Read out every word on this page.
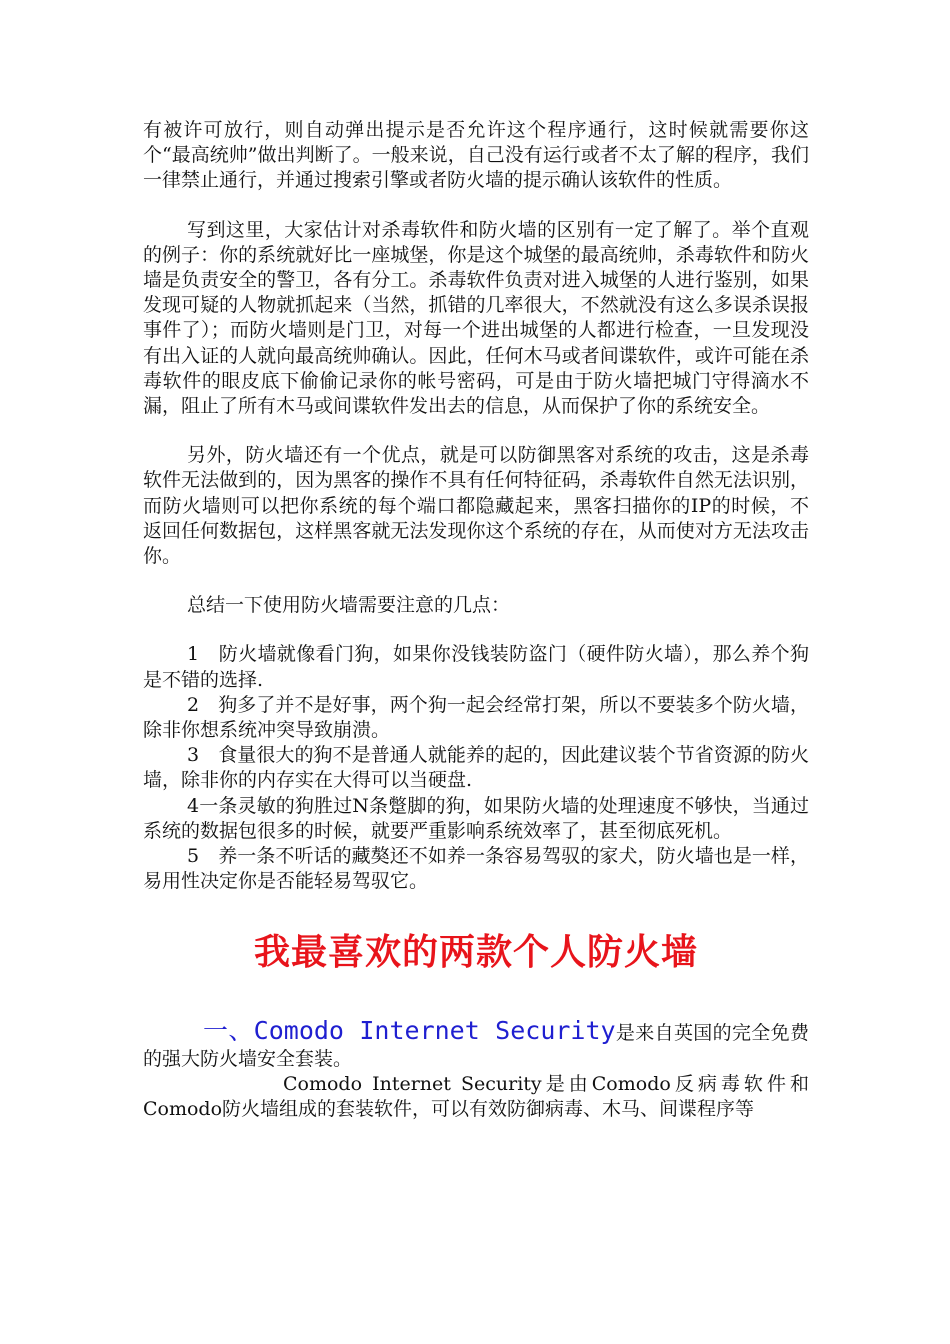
有被许可放行，则自动弹出提示是否允许这个程序通行，这时候就需要你这个“最高统帅”做出判断了。一般来说，自己没有运行或者不太了解的程序，我们一律禁止通行，并通过搜索引擎或者防火墙的提示确认该软件的性质。

写到这里，大家估计对杀毒软件和防火墙的区别有一定了解了。举个直观的例子：你的系统就好比一座城堡，你是这个城堡的最高统帅，杀毒软件和防火墙是负责安全的警卫，各有分工。杀毒软件负责对进入城堡的人进行鉴别，如果发现可疑的人物就抓起来（当然，抓错的几率很大，不然就没有这么多误杀误报事件了）；而防火墙则是门卫，对每一个进出城堡的人都进行检查，一旦发现没有出入证的人就向最高统帅确认。因此，任何木马或者间谍软件，或许可能在杀毒软件的眼皮底下偷偷记录你的帐号密码，可是由于防火墙把城门守得滴水不漏，阻止了所有木马或间谍软件发出去的信息，从而保护了你的系统安全。

另外，防火墙还有一个优点，就是可以防御黑客对系统的攻击，这是杀毒软件无法做到的，因为黑客的操作不具有任何特征码，杀毒软件自然无法识别，而防火墙则可以把你系统的每个端口都隐藏起来，黑客扫描你的IP的时候，不返回任何数据包，这样黑客就无法发现你这个系统的存在，从而使对方无法攻击你。

总结一下使用防火墙需要注意的几点：

1　防火墙就像看门狗，如果你没钱装防盗门（硬件防火墙），那么养个狗是不错的选择.

2　狗多了并不是好事，两个狗一起会经常打架，所以不要装多个防火墙，除非你想系统冲突导致崩溃。

3　食量很大的狗不是普通人就能养的起的，因此建议装个节省资源的防火墙，除非你的内存实在大得可以当硬盘.

4一条灵敏的狗胜过N条蹩脚的狗，如果防火墙的处理速度不够快，当通过系统的数据包很多的时候，就要严重影响系统效率了，甚至彻底死机。

5　养一条不听话的藏獒还不如养一条容易驾驭的家犬，防火墙也是一样，易用性决定你是否能轻易驾驭它。

我最喜欢的两款个人防火墙

一、Comodo Internet Security是来自英国的完全免费的强大防火墙安全套装。

Comodo Internet Security是由Comodo反病毒软件和Comodo防火墙组成的套装软件，可以有效防御病毒、木马、间谍程序等
